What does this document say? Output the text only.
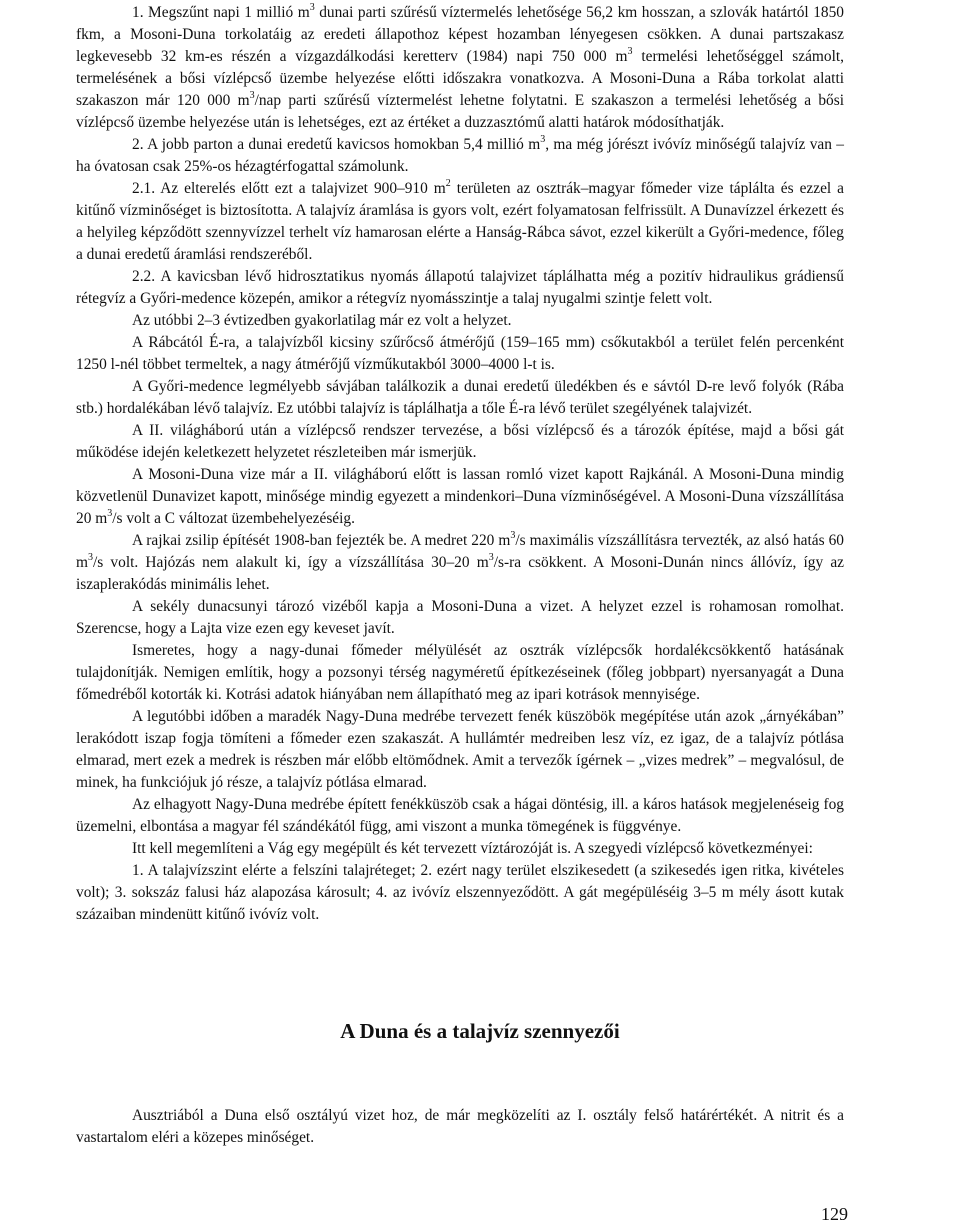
1. Megszűnt napi 1 millió $m^3$ dunai parti szűrésű víztermelés lehetősége 56,2 km hosszan, a szlovák határtól 1850 fkm, a Mosoni-Duna torkolatáig az eredeti állapothoz képest hozamban lényegesen csökken. A dunai partszakasz legkevesebb 32 km-es részén a vízgazdálkodási keretterv (1984) napi 750 000 $m^3$ termelési lehetőséggel számolt, termelésének a bősi vízlépcső üzembe helyezése előtti időszakra vonatkozva. A Mosoni-Duna a Rába torkolat alatti szakaszon már 120 000 $m^3$/nap parti szűrésű víztermelést lehetne folytatni. E szakaszon a termelési lehetőség a bősi vízlépcső üzembe helyezése után is lehetséges, ezt az értéket a duzzasztómű alatti határok módosíthatják.

2. A jobb parton a dunai eredetű kavicsos homokban 5,4 millió $m^3$, ma még jórészt ivóvíz minőségű talajvíz van – ha óvatosan csak 25%-os hézagtérfogattal számolunk.

2.1. Az elterelés előtt ezt a talajvizet 900–910 $m^2$ területen az osztrák–magyar főmeder vize táplálta és ezzel a kitűnő vízminőséget is biztosította. A talajvíz áramlása is gyors volt, ezért folyamatosan felfrissült. A Dunavízzel érkezett és a helyileg képződött szennyvízzel terhelt víz hamarosan elérte a Hanság-Rábca sávot, ezzel kikerült a Győri-medence, főleg a dunai eredetű áramlási rendszeréből.

2.2. A kavicsban lévő hidrosztatikus nyomás állapotú talajvizet táplálhatta még a pozitív hidraulikus grádiensű rétegvíz a Győri-medence közepén, amikor a rétegvíz nyomásszintje a talaj nyugalmi szintje felett volt.

Az utóbbi 2–3 évtizedben gyakorlatilag már ez volt a helyzet.

A Rábcától É-ra, a talajvízből kicsiny szűrőcső átmérőjű (159–165 mm) csőkutakból a terület felén percenként 1250 l-nél többet termeltek, a nagy átmérőjű vízműkutakból 3000–4000 l-t is.

A Győri-medence legmélyebb sávjában találkozik a dunai eredetű üledékben és e sávtól D-re levő folyók (Rába stb.) hordalékában lévő talajvíz. Ez utóbbi talajvíz is táplálhatja a tőle É-ra lévő terület szegélyének talajvizét.

A II. világháború után a vízlépcső rendszer tervezése, a bősi vízlépcső és a tározók építése, majd a bősi gát működése idején keletkezett helyzetet részleteiben már ismerjük.

A Mosoni-Duna vize már a II. világháború előtt is lassan romló vizet kapott Rajkánál. A Mosoni-Duna mindig közvetlenül Dunavizet kapott, minősége mindig egyezett a mindenkori–Duna vízminőségével. A Mosoni-Duna vízszállítása 20 $m^3/s$ volt a C változat üzembehelyezéséig.

A rajkai zsilip építését 1908-ban fejezték be. A medret 220 $m^3/s$ maximális vízszállításra tervezték, az alsó hatás 60 $m^3/s$ volt. Hajózás nem alakult ki, így a vízszállítása 30–20 $m^3/s-ra$ csökkent. A Mosoni-Dunán nincs állóvíz, így az iszaplerakódás minimális lehet.

A sekély dunacsunyi tározó vizéből kapja a Mosoni-Duna a vizet. A helyzet ezzel is rohamosan romolhat. Szerencse, hogy a Lajta vize ezen egy keveset javít.

Ismeretes, hogy a nagy-dunai főmeder mélyülését az osztrák vízlépcsők hordalékcsökkentő hatásának tulajdonítják. Nemigen említik, hogy a pozsonyi térség nagyméretű építkezéseinek (főleg jobbpart) nyersanyagát a Duna főmedréből kotorták ki. Kotrási adatok hiányában nem állapítható meg az ipari kotrások mennyisége.

A legutóbbi időben a maradék Nagy-Duna medrébe tervezett fenék küszöbök megépítése után azok „árnyékában” lerakódott iszap fogja tömíteni a főmeder ezen szakaszát. A hullámtér medreiben lesz víz, ez igaz, de a talajvíz pótlása elmarad, mert ezek a medrek is részben már előbb eltömődnek. Amit a tervezők ígérnek – „vizes medrek” – megvalósul, de minek, ha funkciójuk jó része, a talajvíz pótlása elmarad.

Az elhagyott Nagy-Duna medrébe épített fenékküszöb csak a hágai döntésig, ill. a káros hatások megjelenéseig fog üzemelni, elbontása a magyar fél szándékától függ, ami viszont a munka tömegének is függvénye.

Itt kell megemlíteni a Vág egy megépült és két tervezett víztározóját is. A szegyedi vízlépcső következményei:

1. A talajvízszint elérte a felszíni talajréteget; 2. ezért nagy terület elszikesedett (a szikesedés igen ritka, kivételes volt); 3. sokszáz falusi ház alapozása károsult; 4. az ivóvíz elszennyeződött. A gát megépüléséig 3–5 m mély ásott kutak százaiban mindenütt kitűnő ivóvíz volt.

A Duna és a talajvíz szennyezői

Ausztriából a Duna első osztályú vizet hoz, de már megközelíti az I. osztály felső határértékét. A nitrit és a vastartalom eléri a közepes minőséget.

129
